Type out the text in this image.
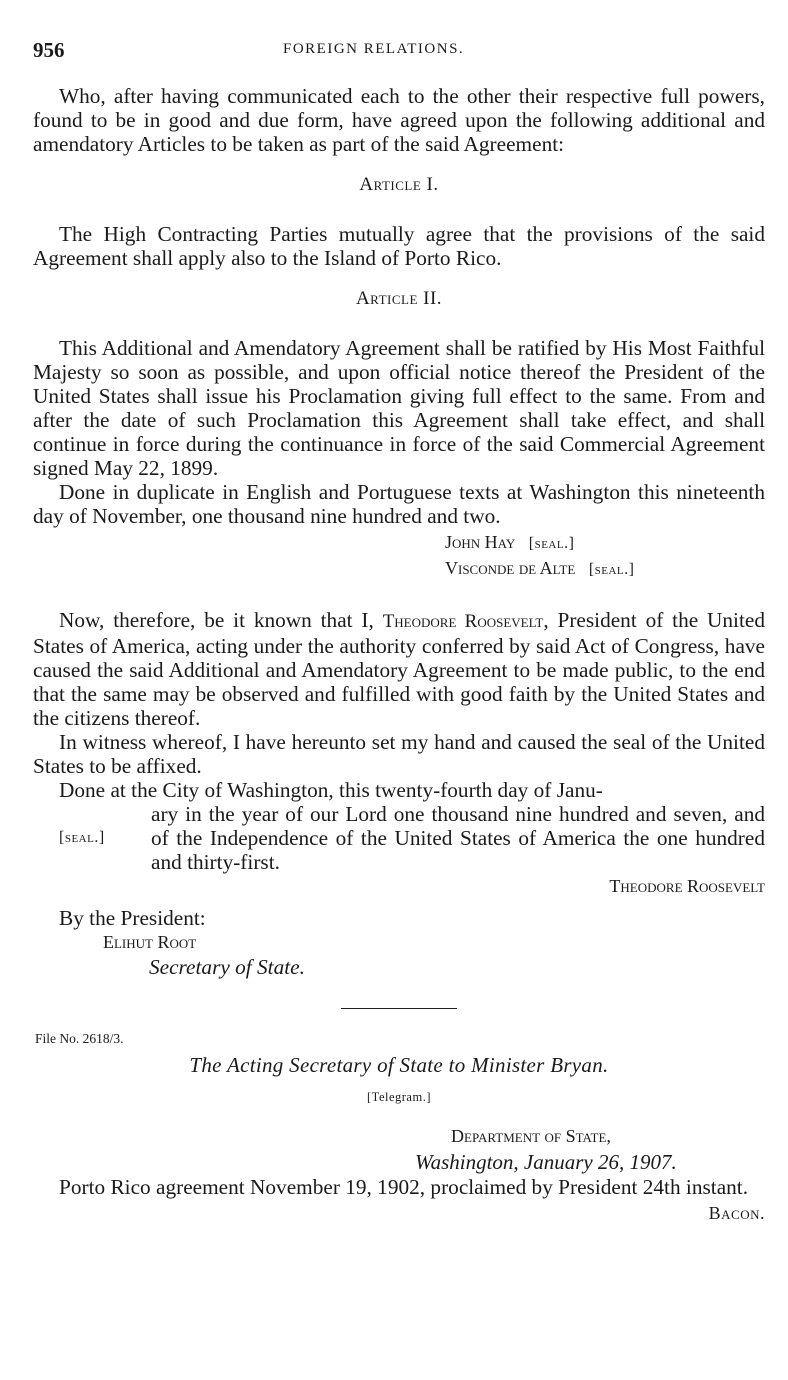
956	FOREIGN RELATIONS.

Who, after having communicated each to the other their respective full powers, found to be in good and due form, have agreed upon the following additional and amendatory Articles to be taken as part of the said Agreement:

Article I.

The High Contracting Parties mutually agree that the provisions of the said Agreement shall apply also to the Island of Porto Rico.

Article II.

This Additional and Amendatory Agreement shall be ratified by His Most Faithful Majesty so soon as possible, and upon official notice thereof the President of the United States shall issue his Proclamation giving full effect to the same. From and after the date of such Proclamation this Agreement shall take effect, and shall continue in force during the continuance in force of the said Commercial Agreement signed May 22, 1899.

Done in duplicate in English and Portuguese texts at Washington this nineteenth day of November, one thousand nine hundred and two.

John Hay [seal.]

Visconde de Alte [seal.]

Now, therefore, be it known that I, Theodore Roosevelt, President of the United States of America, acting under the authority conferred by said Act of Congress, have caused the said Additional and Amendatory Agreement to be made public, to the end that the same may be observed and fulfilled with good faith by the United States and the citizens thereof.

In witness whereof, I have hereunto set my hand and caused the seal of the United States to be affixed.

Done at the City of Washington, this twenty-fourth day of Janu-

ary in the year of our Lord one thousand nine hundred and seven, and of the Independence of the United States of America the one hundred and thirty-first.

[seal.]

Theodore Roosevelt

By the President:

Elihut Root

Secretary of State.

File No. 2618/3.

The Acting Secretary of State to Minister Bryan.

[Telegram.]

Department of State,
Washington, January 26, 1907.

Porto Rico agreement November 19, 1902, proclaimed by President 24th instant.

Bacon.
